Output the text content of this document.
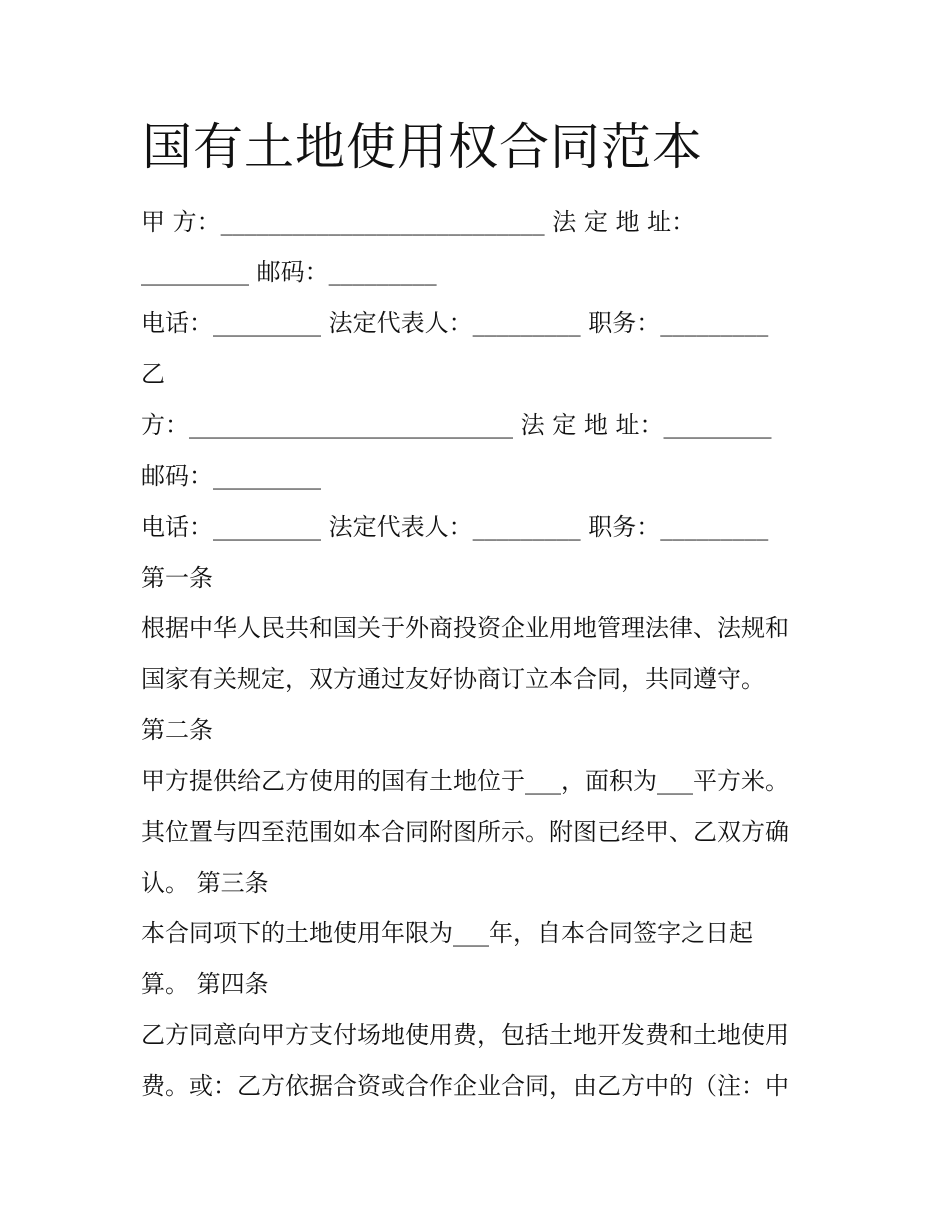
国有土地使用权合同范本
甲 方：___________________________ 法 定 地 址：
_________ 邮码：_________
电话：_________ 法定代表人：_________ 职务：_________
乙
方：___________________________ 法 定 地 址：_________
邮码：_________
电话：_________ 法定代表人：_________ 职务：_________
第一条
根据中华人民共和国关于外商投资企业用地管理法律、法规和
国家有关规定，双方通过友好协商订立本合同，共同遵守。
第二条
甲方提供给乙方使用的国有土地位于___，面积为___平方米。
其位置与四至范围如本合同附图所示。附图已经甲、乙双方确
认。 第三条
本合同项下的土地使用年限为___年，自本合同签字之日起
算。 第四条
乙方同意向甲方支付场地使用费，包括土地开发费和土地使用
费。或：乙方依据合资或合作企业合同，由乙方中的（注：中
